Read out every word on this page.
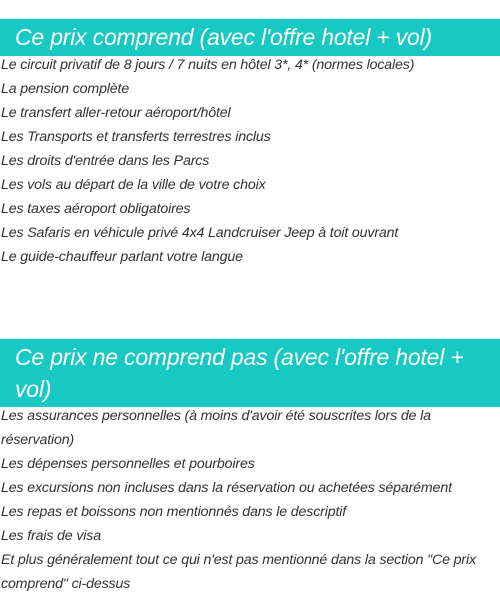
Ce prix comprend (avec l'offre hotel + vol)
Le circuit privatif de 8 jours / 7 nuits en hôtel 3*, 4* (normes locales)
La pension complète
Le transfert aller-retour aéroport/hôtel
Les Transports et transferts terrestres inclus
Les droits d'entrée dans les Parcs
Les vols au départ de la ville de votre choix
Les taxes aéroport obligatoires
Les Safaris en véhicule privé 4x4 Landcruiser Jeep à toit ouvrant
Le guide-chauffeur parlant votre langue
Ce prix ne comprend pas (avec l'offre hotel + vol)
Les assurances personnelles (à moins d'avoir été souscrites lors de la réservation)
Les dépenses personnelles et pourboires
Les excursions non incluses dans la réservation ou achetées séparément
Les repas et boissons non mentionnés dans le descriptif
Les frais de visa
Et plus généralement tout ce qui n'est pas mentionné dans la section "Ce prix comprend" ci-dessus
